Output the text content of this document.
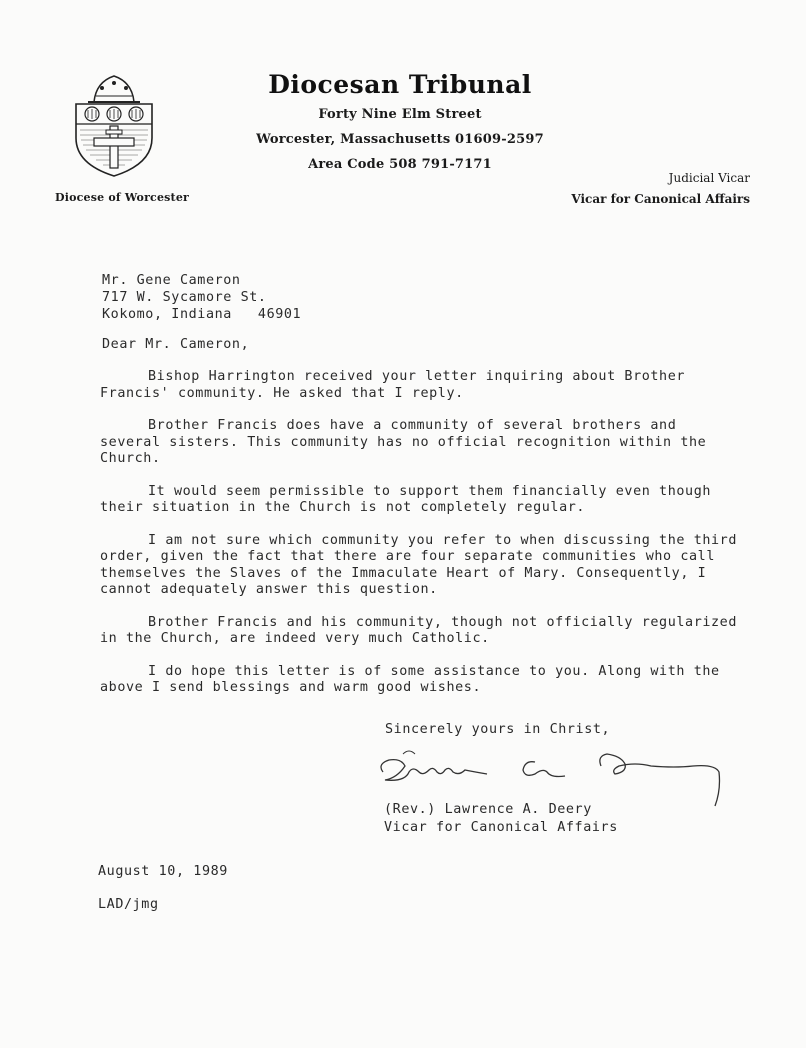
Diocese of Worcester
Diocesan Tribunal
Forty Nine Elm Street
Worcester, Massachusetts 01609-2597
Area Code 508 791-7171
Judicial Vicar
Vicar for Canonical Affairs
Mr. Gene Cameron
717 W. Sycamore St.
Kokomo, Indiana   46901
Dear Mr. Cameron,
Bishop Harrington received your letter inquiring about Brother Francis' community. He asked that I reply.
Brother Francis does have a community of several brothers and several sisters. This community has no official recognition within the Church.
It would seem permissible to support them financially even though their situation in the Church is not completely regular.
I am not sure which community you refer to when discussing the third order, given the fact that there are four separate communities who call themselves the Slaves of the Immaculate Heart of Mary. Consequently, I cannot adequately answer this question.
Brother Francis and his community, though not officially regularized in the Church, are indeed very much Catholic.
I do hope this letter is of some assistance to you. Along with the above I send blessings and warm good wishes.
Sincerely yours in Christ,
(Rev.) Lawrence A. Deery
Vicar for Canonical Affairs
August 10, 1989
LAD/jmg
